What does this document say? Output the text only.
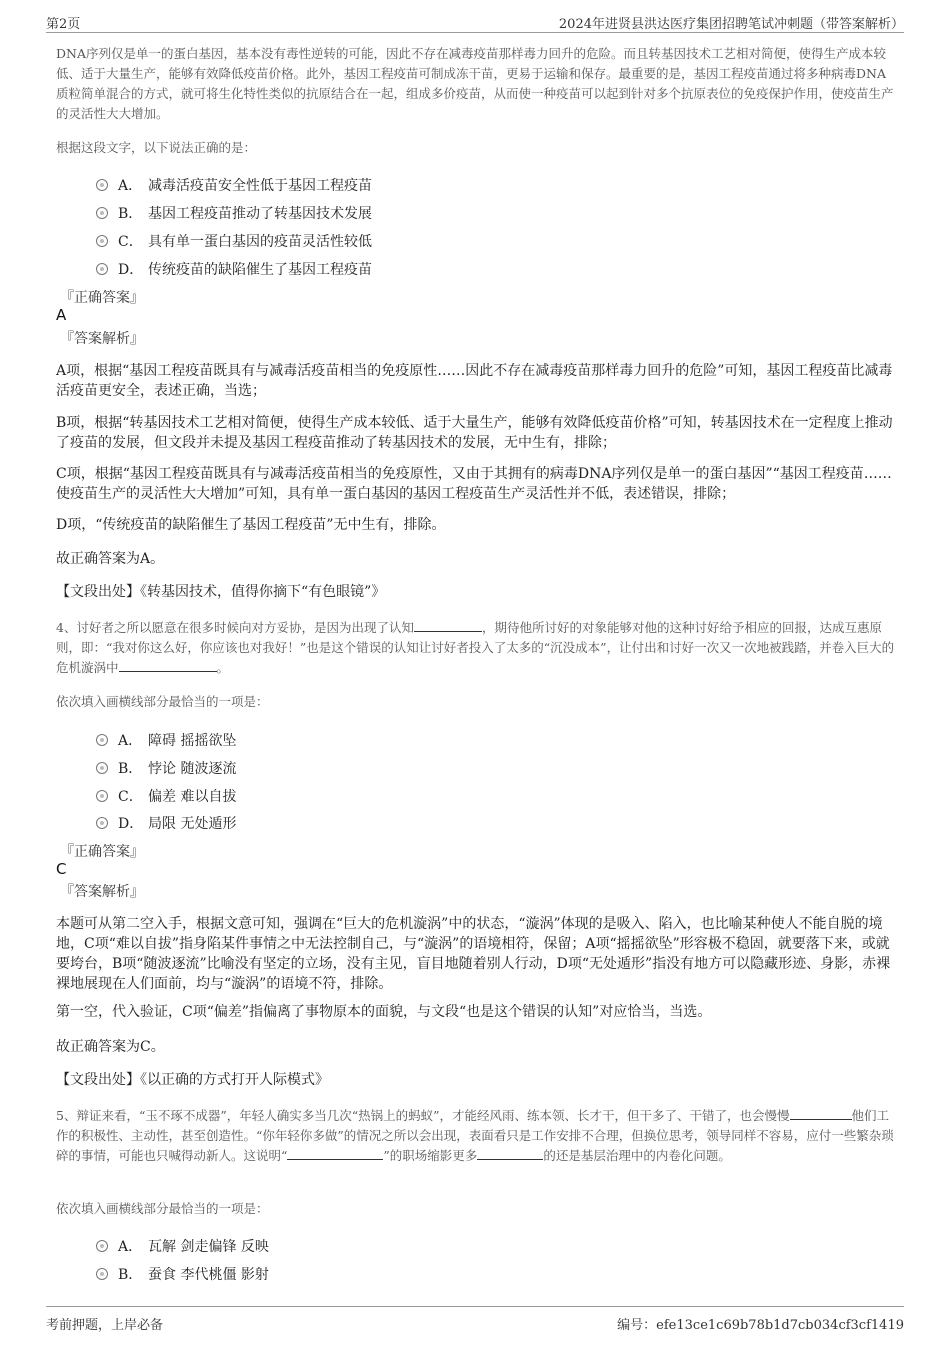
第2页	2024年进贤县洪达医疗集团招聘笔试冲刺题（带答案解析）
DNA序列仅是单一的蛋白基因，基本没有毒性逆转的可能，因此不存在减毒疫苗那样毒力回升的危险。而且转基因技术工艺相对简便，使得生产成本较低、适于大量生产，能够有效降低疫苗价格。此外，基因工程疫苗可制成冻干苗，更易于运输和保存。最重要的是，基因工程疫苗通过将多种病毒DNA质粒简单混合的方式，就可将生化特性类似的抗原结合在一起，组成多价疫苗，从而使一种疫苗可以起到针对多个抗原表位的免疫保护作用，使疫苗生产的灵活性大大增加。
根据这段文字，以下说法正确的是：
A． 减毒活疫苗安全性低于基因工程疫苗
B． 基因工程疫苗推动了转基因技术发展
C． 具有单一蛋白基因的疫苗灵活性较低
D． 传统疫苗的缺陷催生了基因工程疫苗
『正确答案』
A
『答案解析』
A项，根据“基因工程疫苗既具有与减毒活疫苗相当的免疫原性……因此不存在减毒疫苗那样毒力回升的危险”可知，基因工程疫苗比减毒活疫苗更安全，表述正确，当选；
B项，根据“转基因技术工艺相对简便，使得生产成本较低、适于大量生产，能够有效降低疫苗价格”可知，转基因技术在一定程度上推动了疫苗的发展，但文段并未提及基因工程疫苗推动了转基因技术的发展，无中生有，排除；
C项，根据“基因工程疫苗既具有与减毒活疫苗相当的免疫原性，又由于其拥有的病毒DNA序列仅是单一的蛋白基因”“基因工程疫苗……使疫苗生产的灵活性大大增加”可知，具有单一蛋白基因的基因工程疫苗生产灵活性并不低，表述错误，排除；
D项，“传统疫苗的缺陷催生了基因工程疫苗”无中生有，排除。
故正确答案为A。
【文段出处】《转基因技术，值得你摘下“有色眼镜”》
4、讨好者之所以愿意在很多时候向对方妥协，是因为出现了认知	，期待他所讨好的对象能够对他的这种讨好给予相应的回报，达成互惠原则，即：“我对你这么好，你应该也对我好！”也是这个错误的认知让讨好者投入了太多的“沉没成本”，让付出和讨好一次又一次地被践踏，并卷入巨大的危机漩涡中	。
依次填入画横线部分最恰当的一项是：
A． 障碍 摇摇欲坠
B． 悖论 随波逐流
C． 偏差 难以自拔
D． 局限 无处遁形
『正确答案』
C
『答案解析』
本题可从第二空入手，根据文意可知，强调在“巨大的危机漩涡”中的状态，“漩涡”体现的是吸入、陷入，也比喻某种使人不能自脱的境地，C项“难以自拔”指身陷某件事情之中无法控制自己，与“漩涡”的语境相符，保留；A项“摇摇欲坠”形容极不稳固，就要落下来，或就要垮台，B项“随波逐流”比喻没有坚定的立场，没有主见，盲目地随着别人行动，D项“无处遁形”指没有地方可以隐藏形迹、身影，赤裸裸地展现在人们面前，均与“漩涡”的语境不符，排除。
第一空，代入验证，C项“偏差”指偏离了事物原本的面貌，与文段“也是这个错误的认知”对应恰当，当选。
故正确答案为C。
【文段出处】《以正确的方式打开人际模式》
5、辩证来看，“玉不琢不成器”，年轻人确实多当几次“热锅上的蚂蚁”，才能经风雨、练本领、长才干，但干多了、干错了，也会慢慢	他们工作的积极性、主动性，甚至创造性。“你年轻你多做”的情况之所以会出现，表面看只是工作安排不合理，但换位思考，领导同样不容易，应付一些繁杂琐碎的事情，可能也只喊得动新人。这说明“	”的职场缩影更多	的还是基层治理中的内卷化问题。
依次填入画横线部分最恰当的一项是：
A． 瓦解 剑走偏锋 反映
B． 蚕食 李代桃僵 影射
考前押题，上岸必备	编号：efe13ce1c69b78b1d7cb034cf3cf1419
